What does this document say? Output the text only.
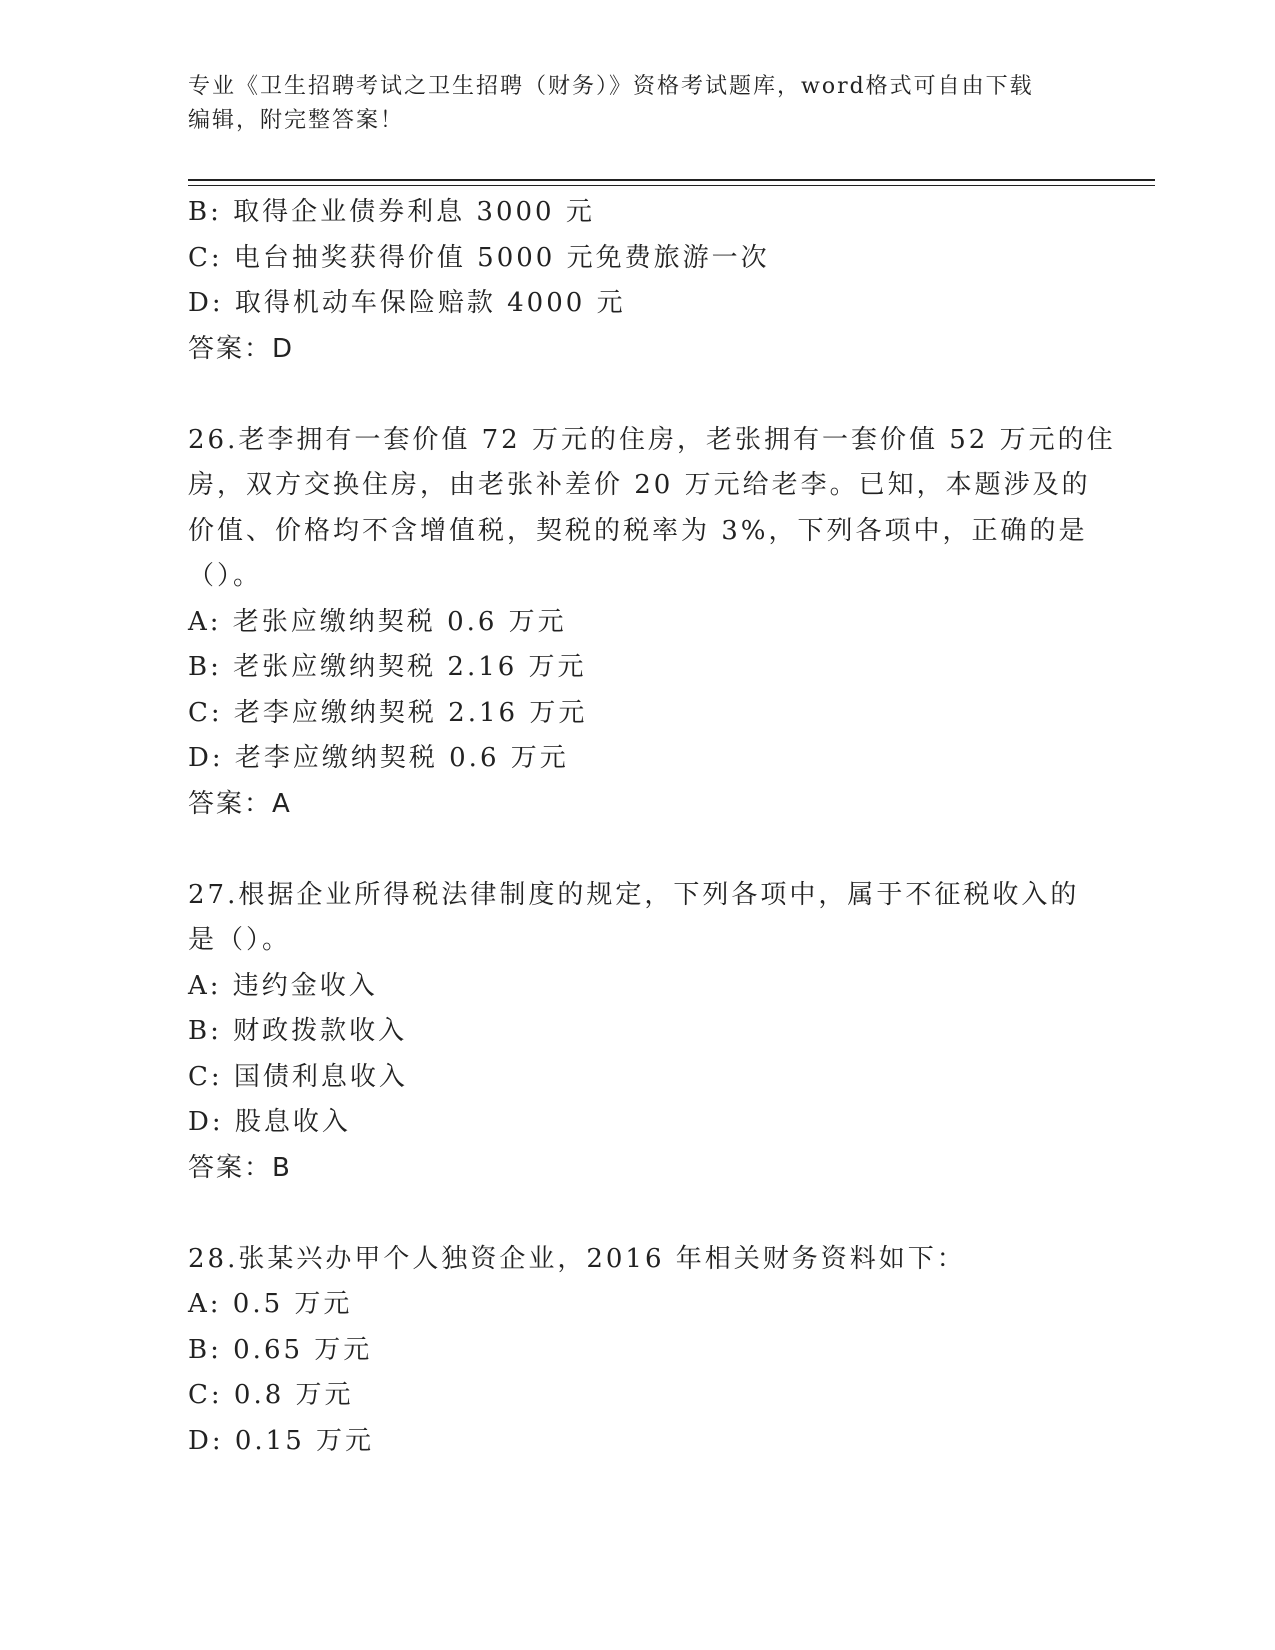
专业《卫生招聘考试之卫生招聘（财务）》资格考试题库，word格式可自由下载
编辑，附完整答案！
B: 取得企业债券利息 3000 元
C: 电台抽奖获得价值 5000 元免费旅游一次
D: 取得机动车保险赔款 4000 元
答案：D
26.老李拥有一套价值 72 万元的住房，老张拥有一套价值 52 万元的住
房，双方交换住房，由老张补差价 20 万元给老李。已知，本题涉及的
价值、价格均不含增值税，契税的税率为 3%，下列各项中，正确的是
（）。
A: 老张应缴纳契税 0.6 万元
B: 老张应缴纳契税 2.16 万元
C: 老李应缴纳契税 2.16 万元
D: 老李应缴纳契税 0.6 万元
答案：A
27.根据企业所得税法律制度的规定，下列各项中，属于不征税收入的
是（）。
A: 违约金收入
B: 财政拨款收入
C: 国债利息收入
D: 股息收入
答案：B
28.张某兴办甲个人独资企业，2016 年相关财务资料如下：
A: 0.5 万元
B: 0.65 万元
C: 0.8 万元
D: 0.15 万元
